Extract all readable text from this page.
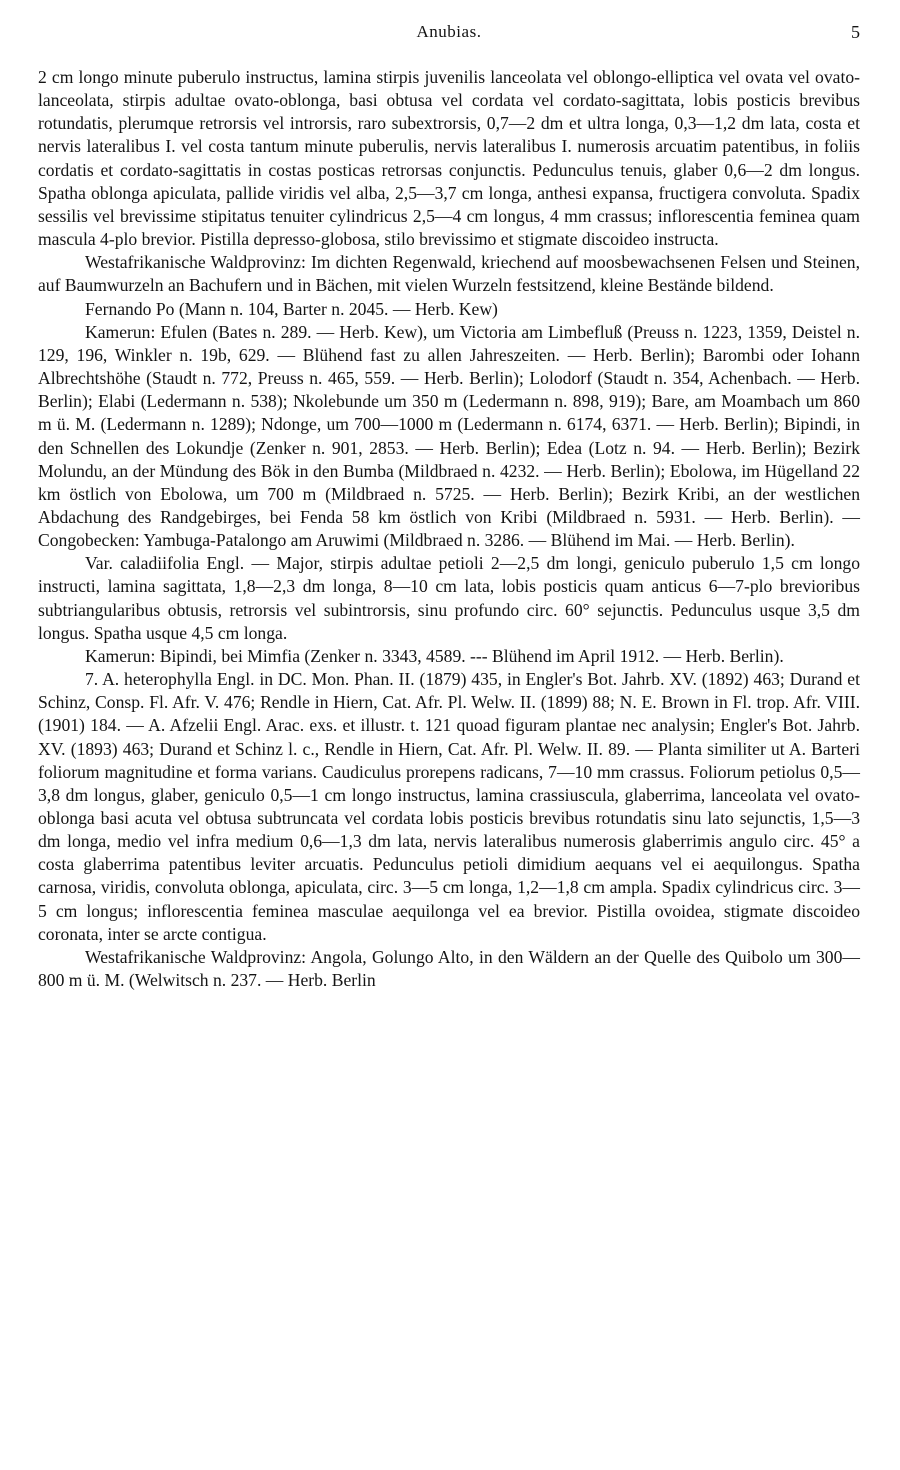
Anubias.	5

2 cm longo minute puberulo instructus, lamina stirpis juvenilis lanceolata vel oblongo-elliptica vel ovata vel ovato-lanceolata, stirpis adultae ovato-oblonga, basi obtusa vel cordata vel cordato-sagittata, lobis posticis brevibus rotundatis, plerumque retrorsis vel introrsis, raro subextrorsis, 0,7—2 dm et ultra longa, 0,3—1,2 dm lata, costa et nervis lateralibus I. vel costa tantum minute puberulis, nervis lateralibus I. numerosis arcuatim patentibus, in foliis cordatis et cordato-sagittatis in costas posticas retrorsas conjunctis. Pedunculus tenuis, glaber 0,6—2 dm longus. Spatha oblonga apiculata, pallide viridis vel alba, 2,5—3,7 cm longa, anthesi expansa, fructigera convoluta. Spadix sessilis vel brevissime stipitatus tenuiter cylindricus 2,5—4 cm longus, 4 mm crassus; inflorescentia feminea quam mascula 4-plo brevior. Pistilla depresso-globosa, stilo brevissimo et stigmate discoideo instructa.

Westafrikanische Waldprovinz: Im dichten Regenwald, kriechend auf moosbewachsenen Felsen und Steinen, auf Baumwurzeln an Bachufern und in Bächen, mit vielen Wurzeln festsitzend, kleine Bestände bildend.

Fernando Po (Mann n. 104, Barter n. 2045. — Herb. Kew)

Kamerun: Efulen (Bates n. 289. — Herb. Kew), um Victoria am Limbefluß (Preuss n. 1223, 1359, Deistel n. 129, 196, Winkler n. 19b, 629. — Blühend fast zu allen Jahreszeiten. — Herb. Berlin); Barombi oder Iohann Albrechtshöhe (Staudt n. 772, Preuss n. 465, 559. — Herb. Berlin); Lolodorf (Staudt n. 354, Achenbach. — Herb. Berlin); Elabi (Ledermann n. 538); Nkolebunde um 350 m (Ledermann n. 898, 919); Bare, am Moambach um 860 m ü. M. (Ledermann n. 1289); Ndonge, um 700—1000 m (Ledermann n. 6174, 6371. — Herb. Berlin); Bipindi, in den Schnellen des Lokundje (Zenker n. 901, 2853. — Herb. Berlin); Edea (Lotz n. 94. — Herb. Berlin); Bezirk Molundu, an der Mündung des Bök in den Bumba (Mildbraed n. 4232. — Herb. Berlin); Ebolowa, im Hügelland 22 km östlich von Ebolowa, um 700 m (Mildbraed n. 5725. — Herb. Berlin); Bezirk Kribi, an der westlichen Abdachung des Randgebirges, bei Fenda 58 km östlich von Kribi (Mildbraed n. 5931. — Herb. Berlin). — Congobecken: Yambuga-Patalongo am Aruwimi (Mildbraed n. 3286. — Blühend im Mai. — Herb. Berlin).

Var. caladiifolia Engl. — Major, stirpis adultae petioli 2—2,5 dm longi, geniculo puberulo 1,5 cm longo instructi, lamina sagittata, 1,8—2,3 dm longa, 8—10 cm lata, lobis posticis quam anticus 6—7-plo brevioribus subtriangularibus obtusis, retrorsis vel subintrorsis, sinu profundo circ. 60° sejunctis. Pedunculus usque 3,5 dm longus. Spatha usque 4,5 cm longa.

Kamerun: Bipindi, bei Mimfia (Zenker n. 3343, 4589. --- Blühend im April 1912. — Herb. Berlin).

7. A. heterophylla Engl. in DC. Mon. Phan. II. (1879) 435, in Engler's Bot. Jahrb. XV. (1892) 463; Durand et Schinz, Consp. Fl. Afr. V. 476; Rendle in Hiern, Cat. Afr. Pl. Welw. II. (1899) 88; N. E. Brown in Fl. trop. Afr. VIII. (1901) 184. — A. Afzelii Engl. Arac. exs. et illustr. t. 121 quoad figuram plantae nec analysin; Engler's Bot. Jahrb. XV. (1893) 463; Durand et Schinz l. c., Rendle in Hiern, Cat. Afr. Pl. Welw. II. 89. — Planta similiter ut A. Barteri foliorum magnitudine et forma varians. Caudiculus prorepens radicans, 7—10 mm crassus. Foliorum petiolus 0,5—3,8 dm longus, glaber, geniculo 0,5—1 cm longo instructus, lamina crassiuscula, glaberrima, lanceolata vel ovato-oblonga basi acuta vel obtusa subtruncata vel cordata lobis posticis brevibus rotundatis sinu lato sejunctis, 1,5—3 dm longa, medio vel infra medium 0,6—1,3 dm lata, nervis lateralibus numerosis glaberrimis angulo circ. 45° a costa glaberrima patentibus leviter arcuatis. Pedunculus petioli dimidium aequans vel ei aequilongus. Spatha carnosa, viridis, convoluta oblonga, apiculata, circ. 3—5 cm longa, 1,2—1,8 cm ampla. Spadix cylindricus circ. 3—5 cm longus; inflorescentia feminea masculae aequilonga vel ea brevior. Pistilla ovoidea, stigmate discoideo coronata, inter se arcte contigua.

Westafrikanische Waldprovinz: Angola, Golungo Alto, in den Wäldern an der Quelle des Quibolo um 300—800 m ü. M. (Welwitsch n. 237. — Herb. Berlin
